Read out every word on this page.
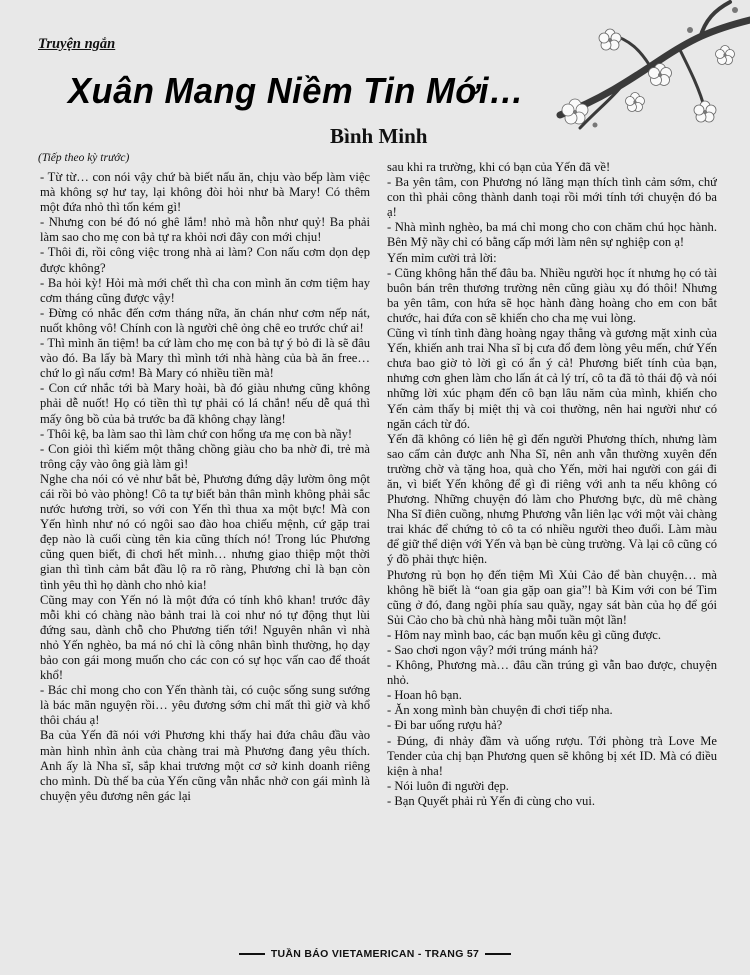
Truyện ngắn
Xuân Mang Niềm Tin Mới…
Bình Minh
(Tiếp theo kỳ trước)

- Từ từ… con nói vậy chứ bà biết nấu ăn, chịu vào bếp làm việc mà không sợ hư tay, lại không đòi hỏi như bà Mary! Có thêm một đứa nhỏ thì tốn kém gì!

- Nhưng con bé đó nó ghê lắm! nhỏ mà hỗn như quỷ! Ba phải làm sao cho mẹ con bả tự ra khỏi nơi đây con mới chịu!

- Thôi đi, rồi công việc trong nhà ai làm? Con nấu cơm dọn dẹp được không?

- Ba hỏi kỳ! Hỏi mà mới chết thì cha con mình ăn cơm tiệm hay cơm tháng cũng được vậy!

- Đừng có nhắc đến cơm tháng nữa, ăn chán như cơm nếp nát, nuốt không vô! Chính con là người chê ỏng chê eo trước chứ ai!

- Thì mình ăn tiệm! ba cứ làm cho mẹ con bả tự ý bỏ đi là sẽ đâu vào đó. Ba lấy bà Mary thì mình tới nhà hàng của bà ăn free… chứ lo gì nấu cơm! Bà Mary có nhiều tiền mà!

- Con cứ nhắc tới bà Mary hoài, bà đó giàu nhưng cũng không phải dễ nuốt! Họ có tiền thì tự phải có lá chắn! nếu dễ quá thì mấy ông bồ của bả trước ba đã không chạy làng!

- Thôi kệ, ba làm sao thì làm chứ con hổng ưa mẹ con bà nầy!

- Con giỏi thì kiếm một thằng chồng giàu cho ba nhờ đi, trẻ mà trông cậy vào ông già làm gì!

Nghe cha nói có vẻ như bắt bẻ, Phương đứng dậy lườm ông một cái rồi bỏ vào phòng! Cô ta tự biết bản thân mình không phải sắc nước hương trời, so với con Yến thì thua xa một bực! Mà con Yến hình như nó có ngôi sao đào hoa chiếu mệnh, cứ gặp trai đẹp nào là cuối cùng tên kia cũng thích nó! Trong lúc Phương cũng quen biết, đi chơi hết mình… nhưng giao thiệp một thời gian thì tình cảm bắt đầu lộ ra rõ ràng, Phương chỉ là bạn còn tình yêu thì họ dành cho nhỏ kia!

Cũng may con Yến nó là một đứa có tính khô khan! trước đây mỗi khi có chàng nào bảnh trai là coi như nó tự động thụt lùi đứng sau, dành chỗ cho Phương tiến tới! Nguyên nhân vì nhà nhỏ Yến nghèo, ba má nó chỉ là công nhân bình thường, họ dạy bảo con gái mong muốn cho các con có sự học vấn cao để thoát khổ!

- Bác chỉ mong cho con Yến thành tài, có cuộc sống sung sướng là bác mãn nguyện rồi… yêu đương sớm chỉ mất thì giờ và khổ thôi cháu ạ!

Ba của Yến đã nói với Phương khi thấy hai đứa châu đầu vào màn hình nhìn ảnh của chàng trai mà Phương đang yêu thích. Anh ấy là Nha sĩ, sắp khai trương một cơ sở kinh doanh riêng cho mình. Dù thế ba của Yến cũng vẫn nhắc nhở con gái mình là chuyện yêu đương nên gác lại

sau khi ra trường, khi có bạn của Yến đã về!

- Ba yên tâm, con Phương nó lãng mạn thích tình cảm sớm, chứ con thì phải công thành danh toại rồi mới tính tới chuyện đó ba ạ!

- Nhà mình nghèo, ba má chỉ mong cho con chăm chú học hành. Bên Mỹ nầy chỉ có bằng cấp mới làm nên sự nghiệp con ạ!

Yến mỉm cười trả lời:

- Cũng không hẳn thế đâu ba. Nhiều người học ít nhưng họ có tài buôn bán trên thương trường nên cũng giàu xụ đó thôi! Nhưng ba yên tâm, con hứa sẽ học hành đàng hoàng cho em con bắt chước, hai đứa con sẽ khiến cho cha mẹ vui lòng.

Cũng vì tính tình đàng hoàng ngay thẳng và gương mặt xinh của Yến, khiến anh trai Nha sĩ bị cưa đổ đem lòng yêu mến, chứ Yến chưa bao giờ tỏ lời gì có ẩn ý cả! Phương biết tính của bạn, nhưng cơn ghen làm cho lấn át cả lý trí, cô ta đã tỏ thái độ và nói những lời xúc phạm đến cô bạn lâu năm của mình, khiến cho Yến cảm thấy bị miệt thị và coi thường, nên hai người như có ngăn cách từ đó.

Yến đã không có liên hệ gì đến người Phương thích, nhưng làm sao cấm cản được anh Nha Sĩ, nên anh vẫn thường xuyên đến trường chờ và tặng hoa, quà cho Yến, mời hai người con gái đi ăn, vì biết Yến không để gì đi riêng với anh ta nếu không có Phương. Những chuyện đó làm cho Phương bực, dù mê chàng Nha Sĩ điên cuồng, nhưng Phương vẫn liên lạc với một vài chàng trai khác để chứng tỏ cô ta có nhiều người theo đuổi. Làm màu để giữ thể diện với Yến và bạn bè cùng trường. Và lại cô cũng có ý đồ phải thực hiện.

Phương rủ bọn họ đến tiệm Mì Xủi Cảo để bàn chuyện… mà không hề biết là “oan gia gặp oan gia”! bà Kim với con bé Tim cũng ở đó, đang ngồi phía sau quầy, ngay sát bàn của họ để gói Sủi Cảo cho bà chủ nhà hàng mỗi tuần một lần!

- Hôm nay mình bao, các bạn muốn kêu gì cũng được.

- Sao chơi ngon vậy? mới trúng mánh hả?

- Không, Phương mà… đâu cần trúng gì vẫn bao được, chuyện nhỏ.

- Hoan hô bạn.

- Ăn xong mình bàn chuyện đi chơi tiếp nha.

- Đi bar uống rượu hả?

- Đúng, đi nhảy đầm và uống rượu. Tới phòng trà Love Me Tender của chị bạn Phương quen sẽ không bị xét ID. Mà có điều kiện à nha!

- Nói luôn đi người đẹp.

- Bạn Quyết phải rủ Yến đi cùng cho vui.

TUẦN BÁO VIETAMERICAN - TRANG 57
